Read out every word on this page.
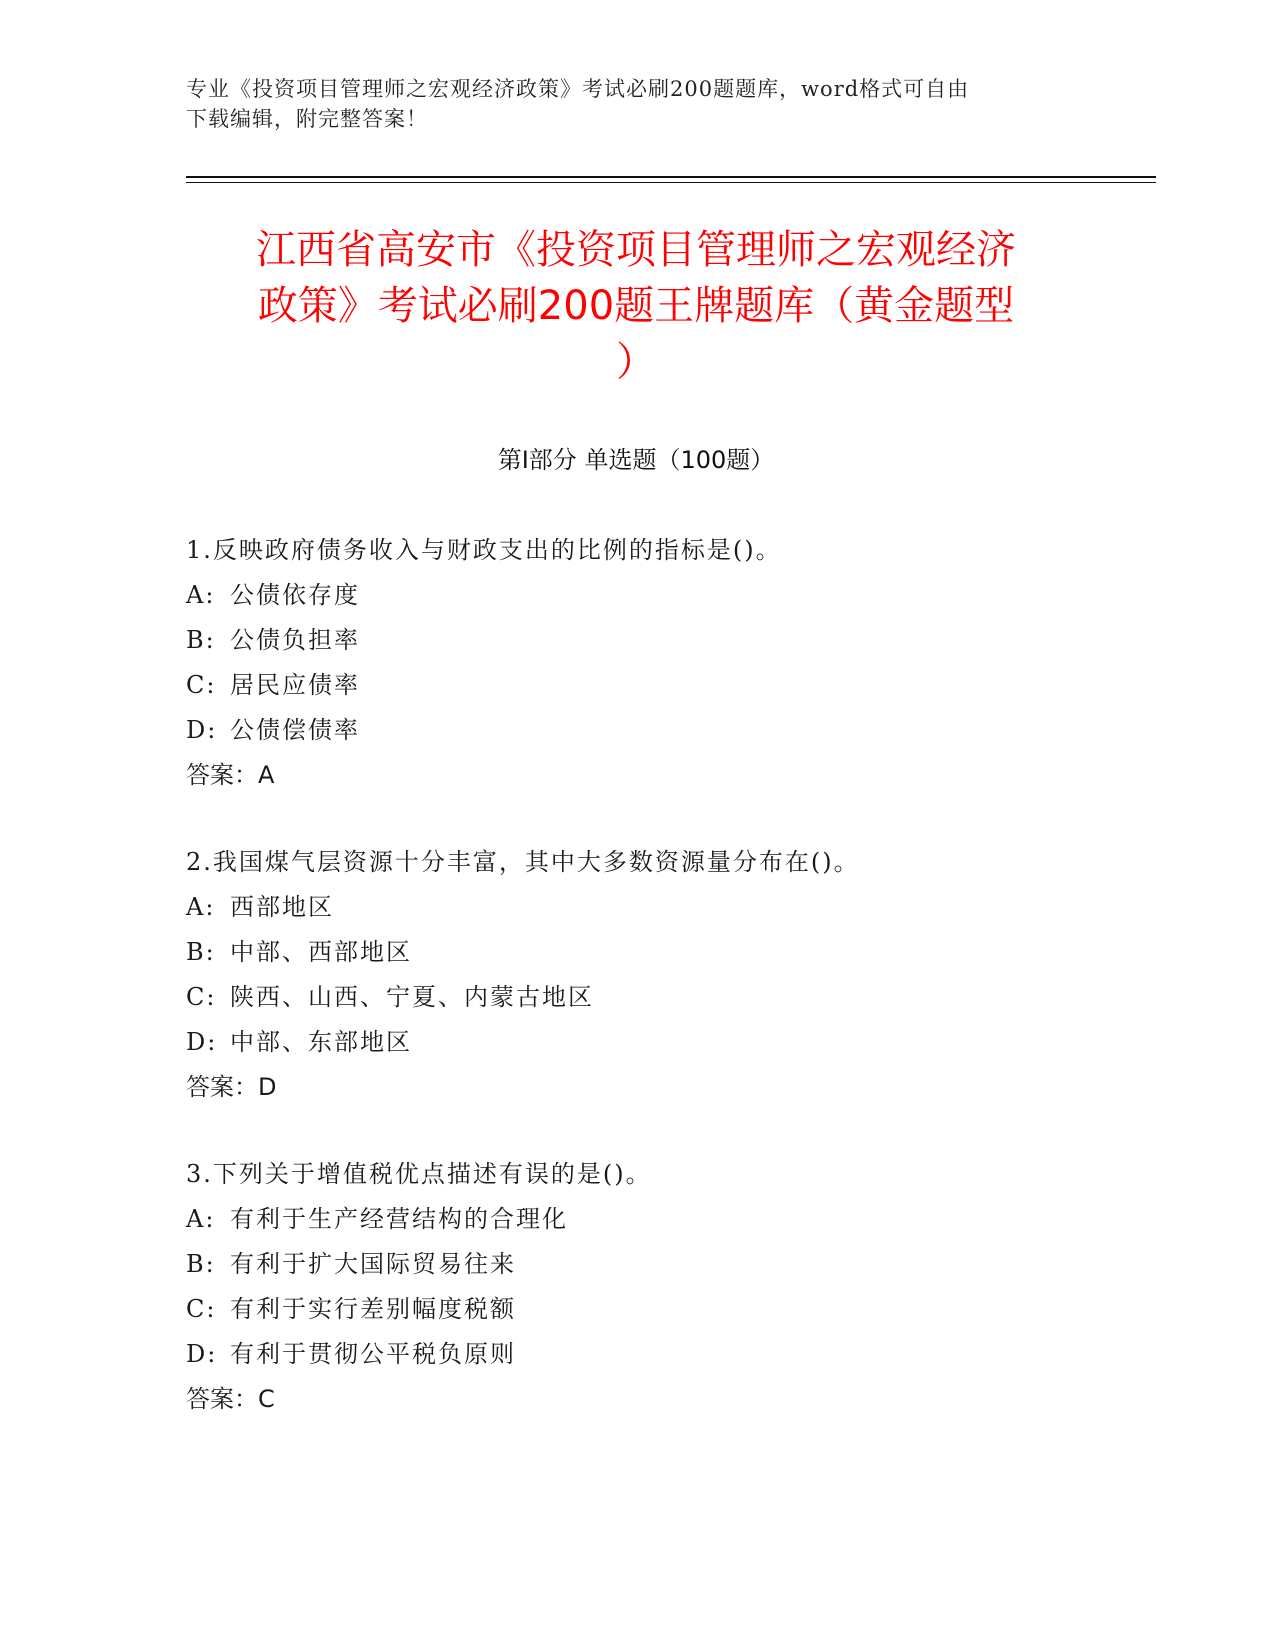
专业《投资项目管理师之宏观经济政策》考试必刷200题题库，word格式可自由
下载编辑，附完整答案！
江西省高安市《投资项目管理师之宏观经济
政策》考试必刷200题王牌题库（黄金题型
）
第Ⅰ部分 单选题（100题）
1.反映政府债务收入与财政支出的比例的指标是()。
A: 公债依存度
B: 公债负担率
C: 居民应债率
D: 公债偿债率
答案：A
2.我国煤气层资源十分丰富，其中大多数资源量分布在()。
A: 西部地区
B: 中部、西部地区
C: 陕西、山西、宁夏、内蒙古地区
D: 中部、东部地区
答案：D
3.下列关于增值税优点描述有误的是()。
A: 有利于生产经营结构的合理化
B: 有利于扩大国际贸易往来
C: 有利于实行差别幅度税额
D: 有利于贯彻公平税负原则
答案：C
